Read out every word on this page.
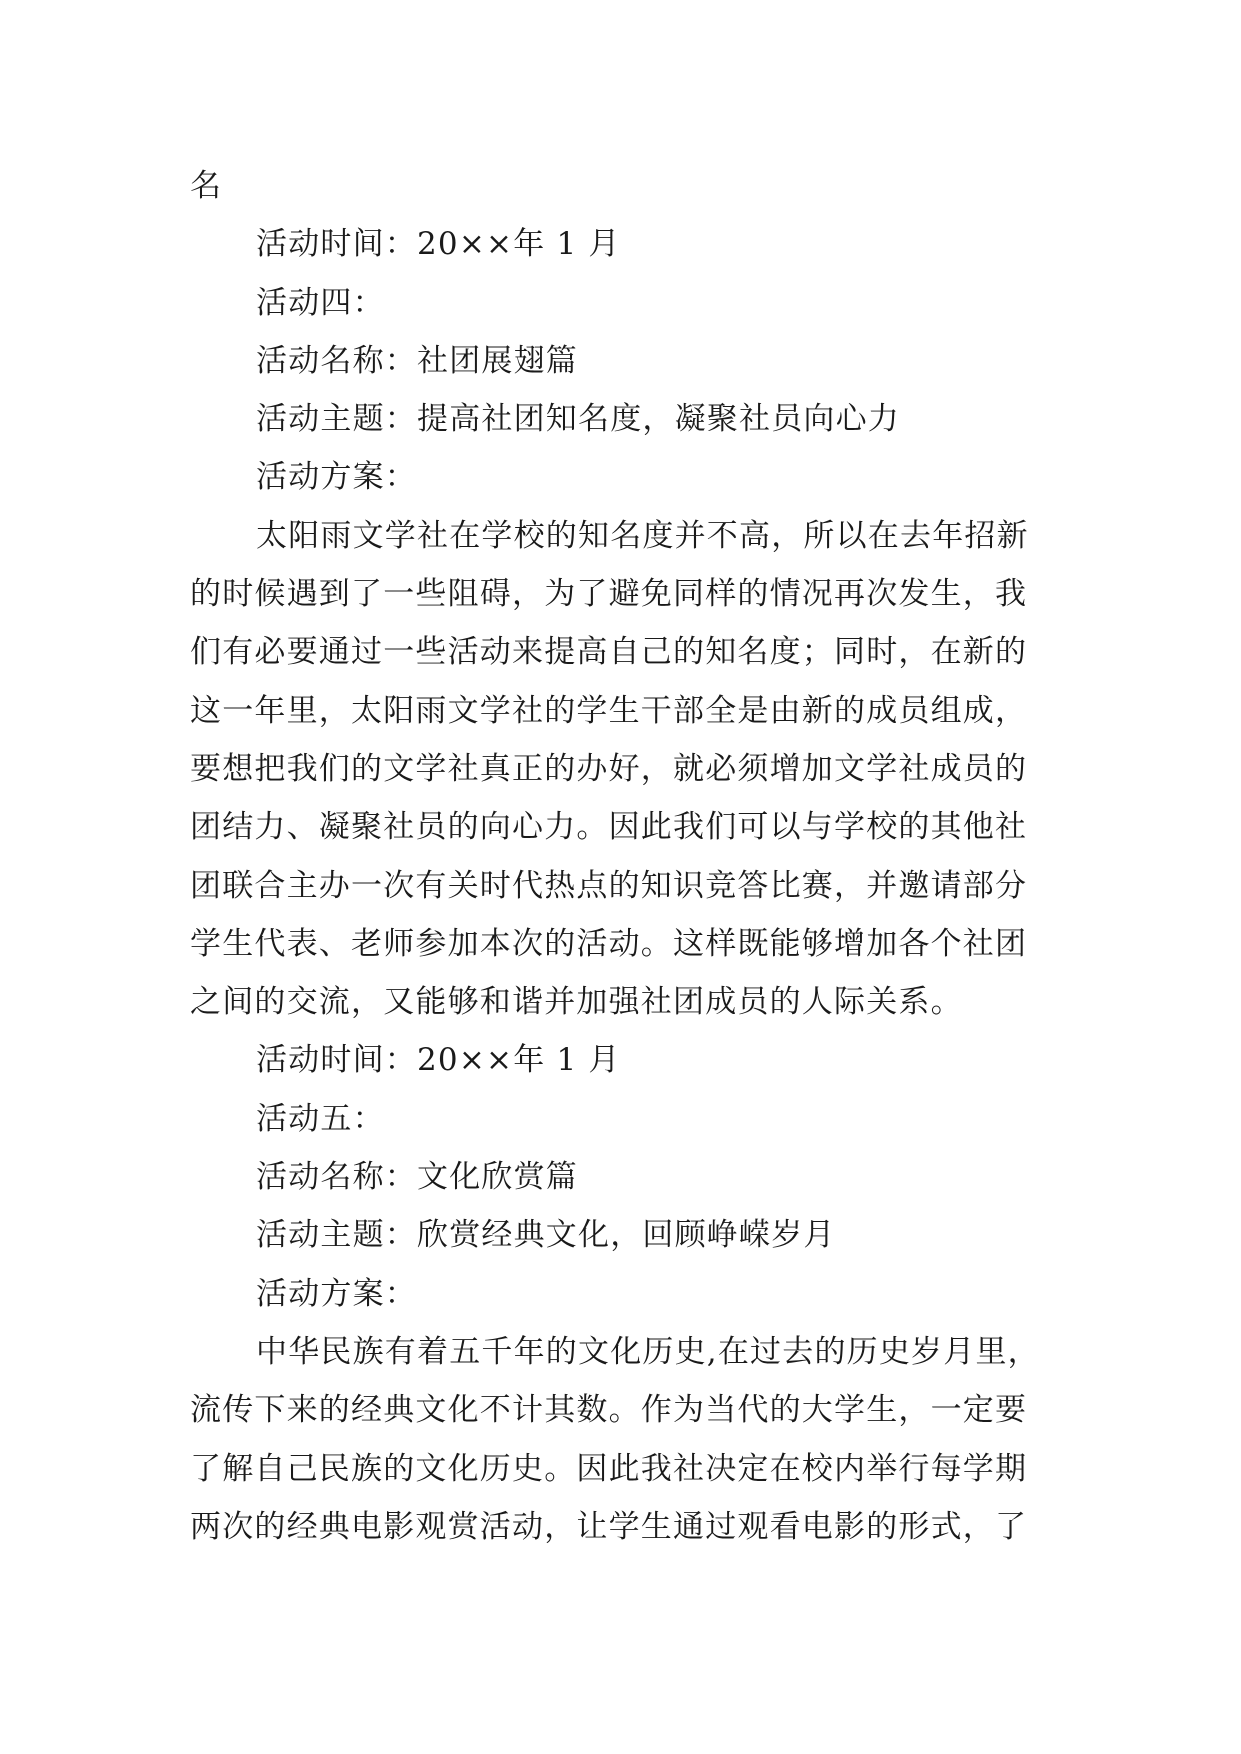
名
活动时间：20××年 1 月
活动四：
活动名称：社团展翅篇
活动主题：提高社团知名度，凝聚社员向心力
活动方案：
太阳雨文学社在学校的知名度并不高，所以在去年招新
的时候遇到了一些阻碍，为了避免同样的情况再次发生，我
们有必要通过一些活动来提高自己的知名度；同时，在新的
这一年里，太阳雨文学社的学生干部全是由新的成员组成，
要想把我们的文学社真正的办好，就必须增加文学社成员的
团结力、凝聚社员的向心力。因此我们可以与学校的其他社
团联合主办一次有关时代热点的知识竞答比赛，并邀请部分
学生代表、老师参加本次的活动。这样既能够增加各个社团
之间的交流，又能够和谐并加强社团成员的人际关系。
活动时间：20××年 1 月
活动五：
活动名称：文化欣赏篇
活动主题：欣赏经典文化，回顾峥嵘岁月
活动方案：
中华民族有着五千年的文化历史,在过去的历史岁月里，
流传下来的经典文化不计其数。作为当代的大学生，一定要
了解自己民族的文化历史。因此我社决定在校内举行每学期
两次的经典电影观赏活动，让学生通过观看电影的形式，了
